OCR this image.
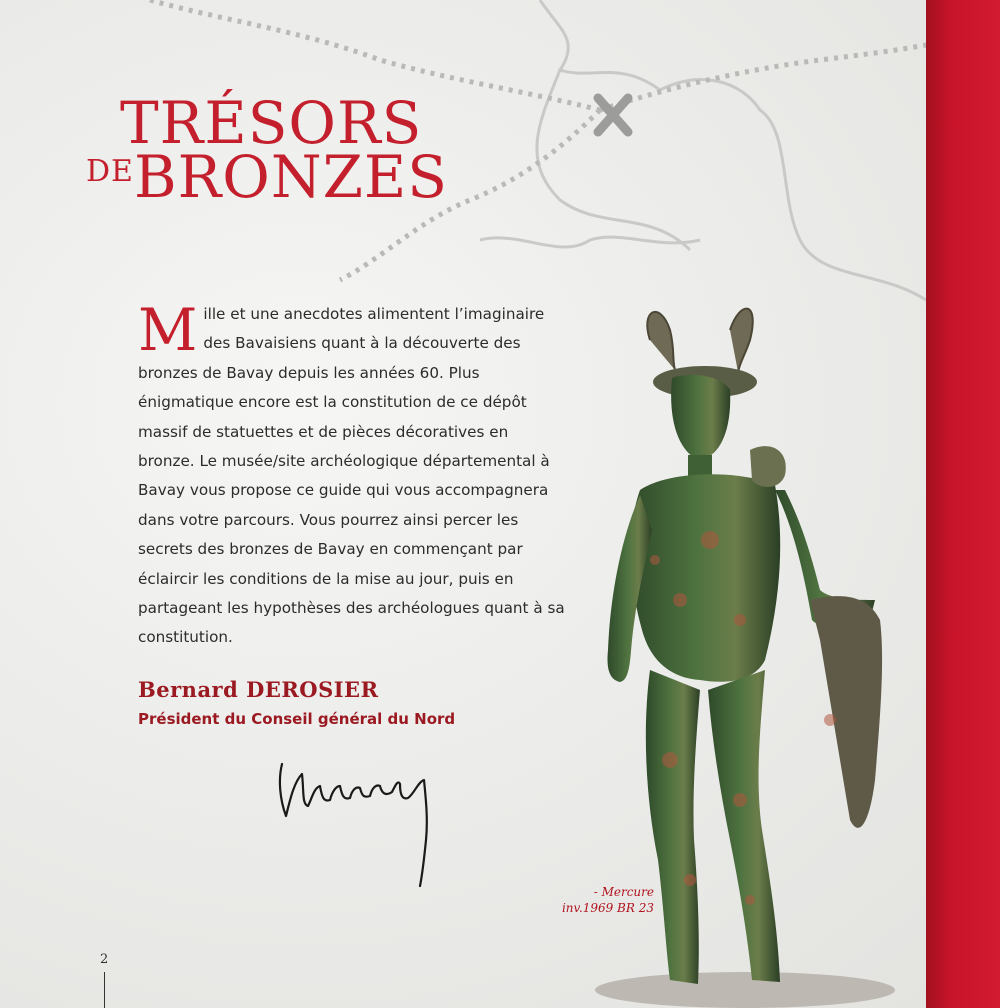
DE
TRÉSORS
BRONZES
M ille et une anecdotes alimentent l’imaginaire des Bavaisiens quant à la découverte des bronzes de Bavay depuis les années 60. Plus énigmatique encore est la constitution de ce dépôt massif de statuettes et de pièces décoratives en bronze. Le musée/site archéologique départemental à Bavay vous propose ce guide qui vous accompagnera dans votre parcours. Vous pourrez ainsi percer les secrets des bronzes de Bavay en commençant par éclaircir les conditions de la mise au jour, puis en partageant les hypothèses des archéologues quant à sa constitution.

Bernard DEROSIER
Président du Conseil général du Nord
- Mercure
inv.1969 BR 23
2
